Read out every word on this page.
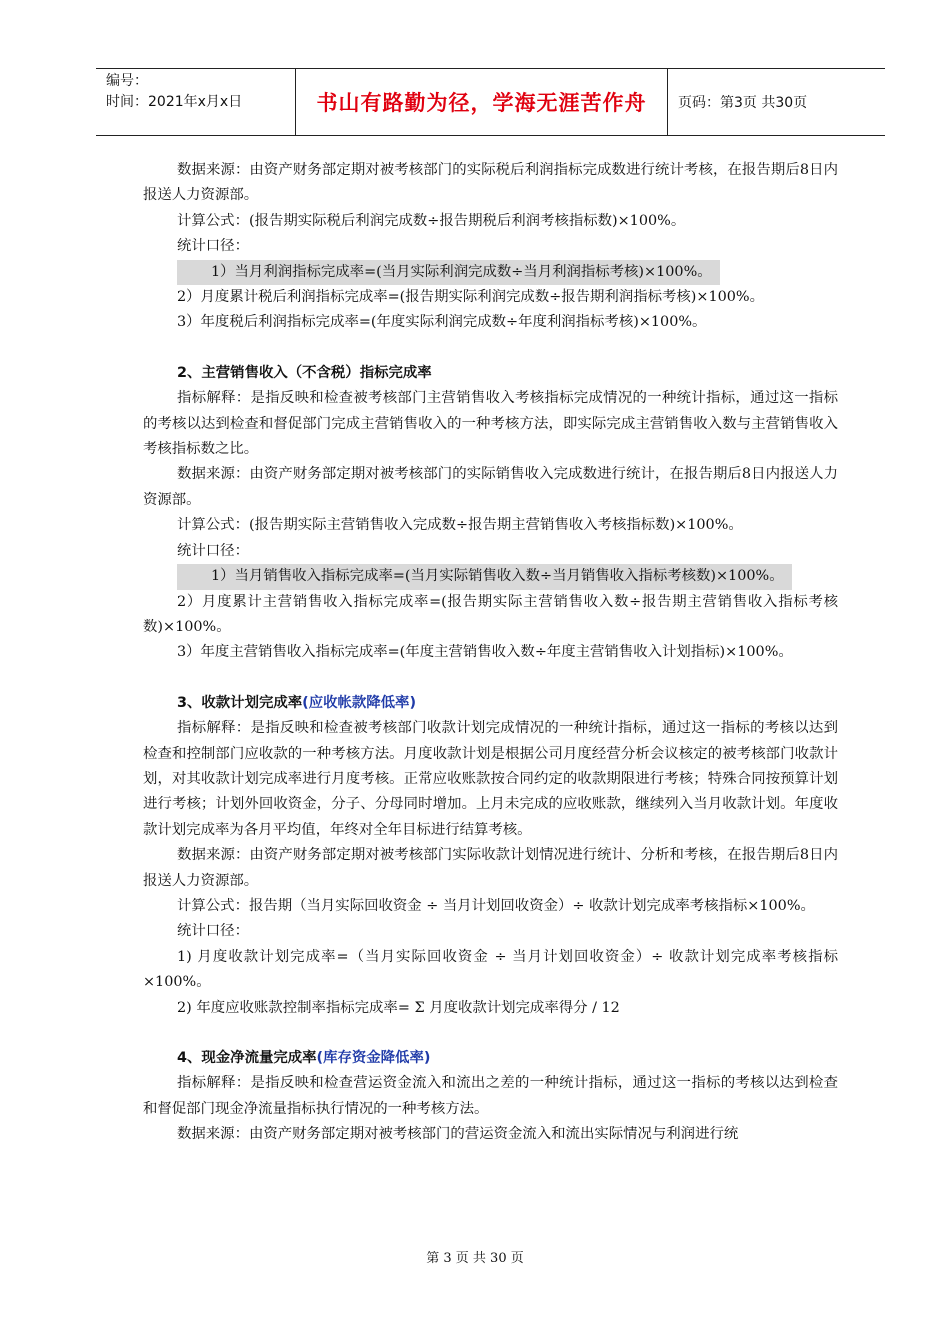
编号：
时间：2021年x月x日	书山有路勤为径，学海无涯苦作舟	页码：第3页 共30页

数据来源：由资产财务部定期对被考核部门的实际税后利润指标完成数进行统计考核，在报告期后8日内报送人力资源部。

计算公式：(报告期实际税后利润完成数÷报告期税后利润考核指标数)×100%。

统计口径：

1）当月利润指标完成率=(当月实际利润完成数÷当月利润指标考核)×100%。

2）月度累计税后利润指标完成率=(报告期实际利润完成数÷报告期利润指标考核)×100%。

3）年度税后利润指标完成率=(年度实际利润完成数÷年度利润指标考核)×100%。

2、主营销售收入（不含税）指标完成率

指标解释：是指反映和检查被考核部门主营销售收入考核指标完成情况的一种统计指标，通过这一指标的考核以达到检查和督促部门完成主营销售收入的一种考核方法，即实际完成主营销售收入数与主营销售收入考核指标数之比。

数据来源：由资产财务部定期对被考核部门的实际销售收入完成数进行统计，在报告期后8日内报送人力资源部。

计算公式：(报告期实际主营销售收入完成数÷报告期主营销售收入考核指标数)×100%。

统计口径：

1）当月销售收入指标完成率=(当月实际销售收入数÷当月销售收入指标考核数)×100%。

2）月度累计主营销售收入指标完成率=(报告期实际主营销售收入数÷报告期主营销售收入指标考核数)×100%。

3）年度主营销售收入指标完成率=(年度主营销售收入数÷年度主营销售收入计划指标)×100%。

3、收款计划完成率(应收帐款降低率)

指标解释：是指反映和检查被考核部门收款计划完成情况的一种统计指标，通过这一指标的考核以达到检查和控制部门应收款的一种考核方法。月度收款计划是根据公司月度经营分析会议核定的被考核部门收款计划，对其收款计划完成率进行月度考核。正常应收账款按合同约定的收款期限进行考核；特殊合同按预算计划进行考核；计划外回收资金，分子、分母同时增加。上月未完成的应收账款，继续列入当月收款计划。年度收款计划完成率为各月平均值，年终对全年目标进行结算考核。

数据来源：由资产财务部定期对被考核部门实际收款计划情况进行统计、分析和考核，在报告期后8日内报送人力资源部。

计算公式：报告期（当月实际回收资金 ÷ 当月计划回收资金）÷ 收款计划完成率考核指标×100%。

统计口径：

1) 月度收款计划完成率=（当月实际回收资金 ÷ 当月计划回收资金）÷ 收款计划完成率考核指标×100%。

2) 年度应收账款控制率指标完成率= Σ 月度收款计划完成率得分 / 12

4、现金净流量完成率(库存资金降低率)

指标解释：是指反映和检查营运资金流入和流出之差的一种统计指标，通过这一指标的考核以达到检查和督促部门现金净流量指标执行情况的一种考核方法。

数据来源：由资产财务部定期对被考核部门的营运资金流入和流出实际情况与利润进行统

第 3 页 共 30 页
